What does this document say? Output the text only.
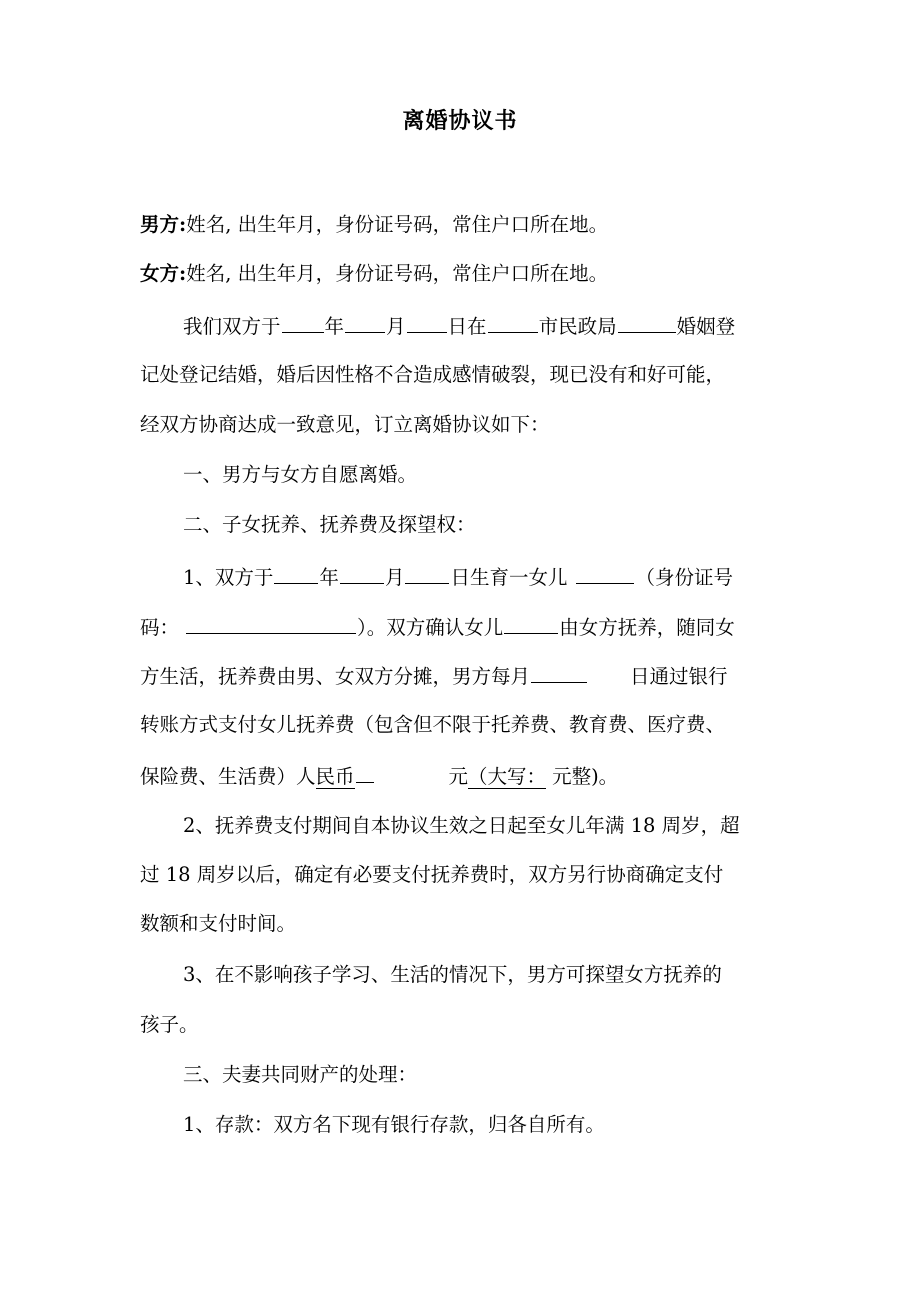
离婚协议书
男方:姓名, 出生年月，身份证号码，常住户口所在地。
女方:姓名, 出生年月，身份证号码，常住户口所在地。
我们双方于 年 月 日在	市民政局	婚姻登
记处登记结婚，婚后因性格不合造成感情破裂，现已没有和好可能，
经双方协商达成一致意见，订立离婚协议如下：
一、男方与女方自愿离婚。
二、子女抚养、抚养费及探望权：
1、双方于 年 月 日生育一女儿	（身份证号
码：	）。双方确认女儿	由女方抚养，随同女
方生活，抚养费由男、女双方分摊，男方每月	日通过银行
转账方式支付女儿抚养费（包含但不限于托养费、教育费、医疗费、
保险费、生活费）人民币	元（大写： 元整)。
2、抚养费支付期间自本协议生效之日起至女儿年满 18 周岁，超
过 18 周岁以后，确定有必要支付抚养费时，双方另行协商确定支付
数额和支付时间。
3、在不影响孩子学习、生活的情况下，男方可探望女方抚养的
孩子。
三、夫妻共同财产的处理：
1、存款：双方名下现有银行存款，归各自所有。
